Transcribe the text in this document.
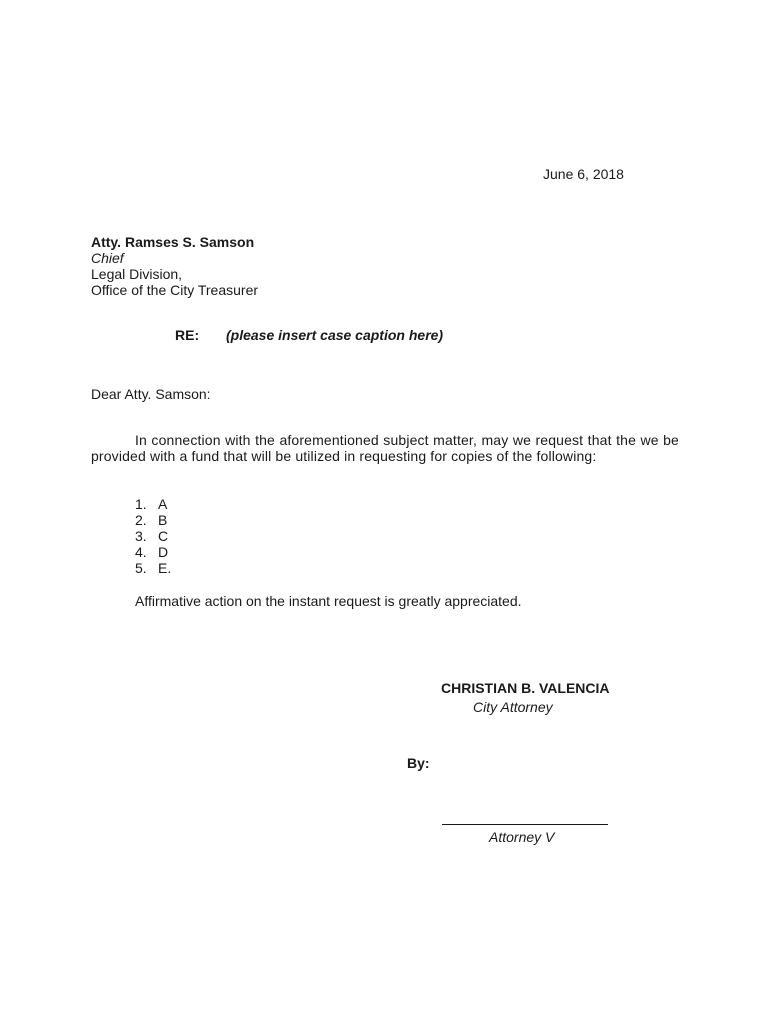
June 6, 2018
Atty. Ramses S. Samson
Chief
Legal Division,
Office of the City Treasurer
RE: (please insert case caption here)
Dear Atty. Samson:
In connection with the aforementioned subject matter, may we request that the we be provided with a fund that will be utilized in requesting for copies of the following:
1. A
2. B
3. C
4. D
5. E.
Affirmative action on the instant request is greatly appreciated.
CHRISTIAN B. VALENCIA
City Attorney
By:
Attorney V
